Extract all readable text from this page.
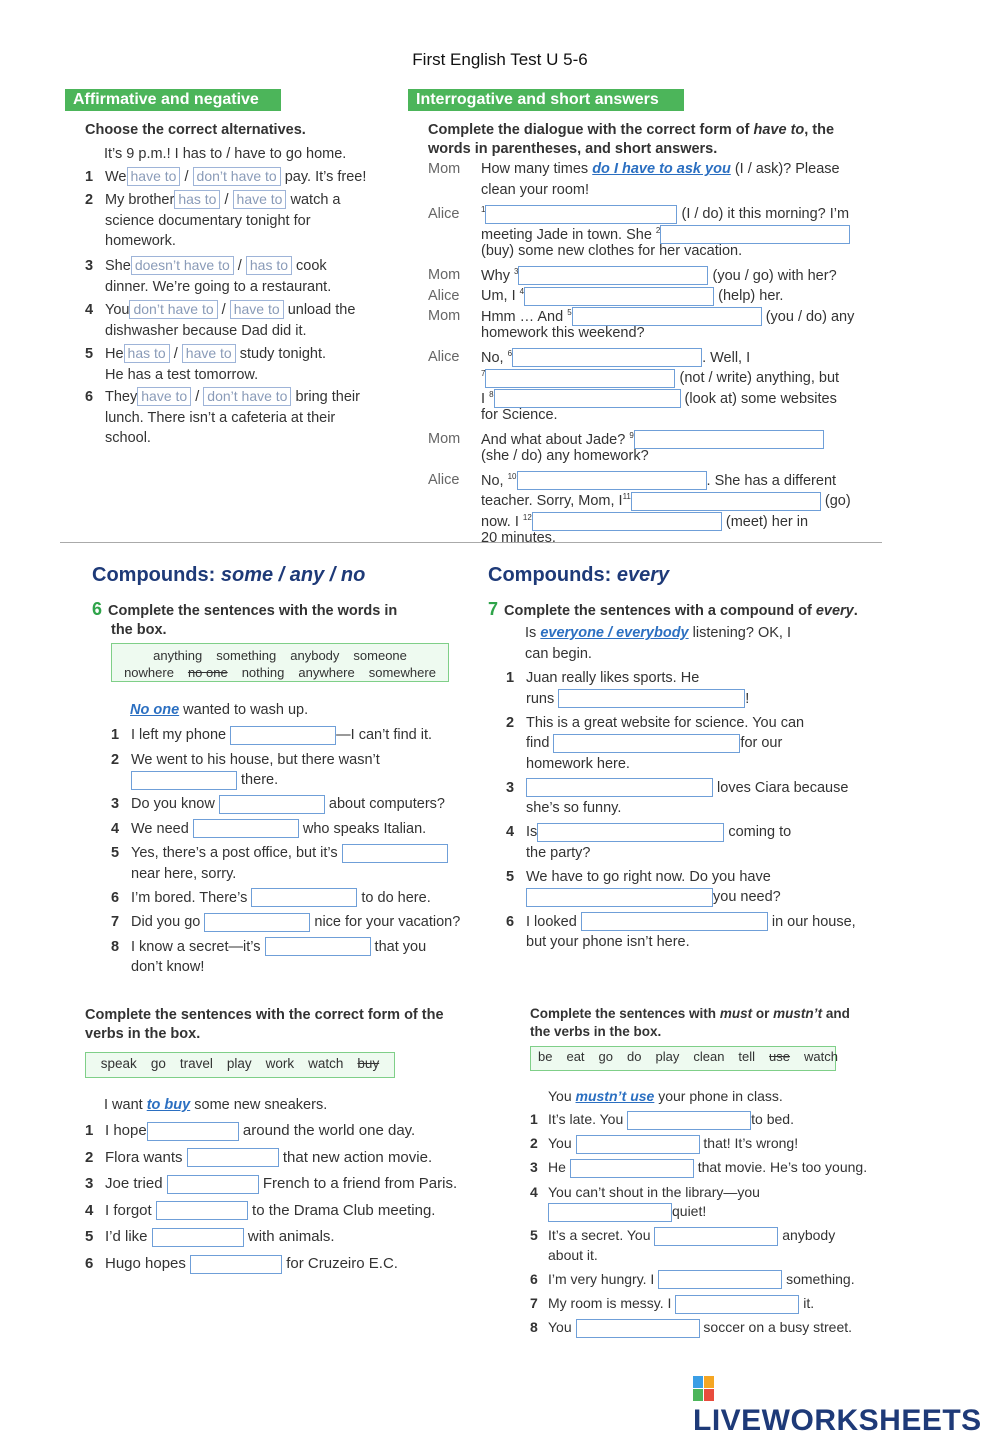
First English Test U 5-6
Affirmative and negative
Choose the correct alternatives.
It’s 9 p.m.! I has to / have to go home.
1 We have to / don’t have to pay. It’s free!
2 My brother has to / have to watch a
science documentary tonight for
homework.
3 She doesn’t have to / has to cook
dinner. We’re going to a restaurant.
4 You don’t have to / have to unload the
dishwasher because Dad did it.
5 He has to / have to study tonight.
He has a test tomorrow.
6 They have to / don’t have to bring their
lunch. There isn’t a cafeteria at their
school.
Interrogative and short answers
Complete the dialogue with the correct form of have to, the
words in parentheses, and short answers.
Mom How many times do I have to ask you (I / ask)? Please
clean your room!
Alice	$^1$	(I / do) it this morning? I’m
meeting Jade in town. She $^2$
(buy) some new clothes for her vacation.
Mom Why $^3$	(you / go) with her?
Alice Um, I $^4$	(help) her.
Mom Hmm … And $^5$	(you / do) any
homework this weekend?
Alice No, $^6$	. Well, I
$^7$	(not / write) anything, but
I $^8$	(look at) some websites
for Science.
Mom And what about Jade? $^9$
(she / do) any homework?
Alice No, $^{10}$	. She has a different
teacher. Sorry, Mom, $I^{11}$	(go)
now. I $^{12}$	(meet) her in
20 minutes.
Compounds: some / any / no
6 Complete the sentences with the words in
the box.
anything something anybody someone
nowhere no one nothing anywhere somewhere
No one wanted to wash up.
1 I left my phone	—I can’t find it.
2 We went to his house, but there wasn’t
there.
3 Do you know	about computers?
4 We need	who speaks Italian.
5 Yes, there’s a post office, but it’s
near here, sorry.
6 I’m bored. There’s	to do here.
7 Did you go	nice for your vacation?
8 I know a secret—it’s	that you
don’t know!
Compounds: every
7 Complete the sentences with a compound of every.
Is everyone / everybody listening? OK, I
can begin.
1 Juan really likes sports. He
runs	!
2 This is a great website for science. You can
find	for our
homework here.
3	loves Ciara because
she’s so funny.
4 Is	coming to
the party?
5 We have to go right now. Do you have
you need?
6 I looked	in our house,
but your phone isn’t here.
Complete the sentences with the correct form of the
verbs in the box.
speak go travel play work watch buy
I want to buy some new sneakers.
1 I hope	around the world one day.
2 Flora wants	that new action movie.
3 Joe tried	French to a friend from Paris.
4 I forgot	to the Drama Club meeting.
5 I’d like	with animals.
6 Hugo hopes	for Cruzeiro E.C.
Complete the sentences with must or mustn’t and
the verbs in the box.
be eat go do play clean tell use watch
You mustn’t use your phone in class.
1 It’s late. You	to bed.
2 You	that! It’s wrong!
3 He	that movie. He’s too young.
4 You can’t shout in the library—you
quiet!
5 It’s a secret. You	anybody
about it.
6 I’m very hungry. I	something.
7 My room is messy. I	it.
8 You	soccer on a busy street.
LIVEWORKSHEETS
